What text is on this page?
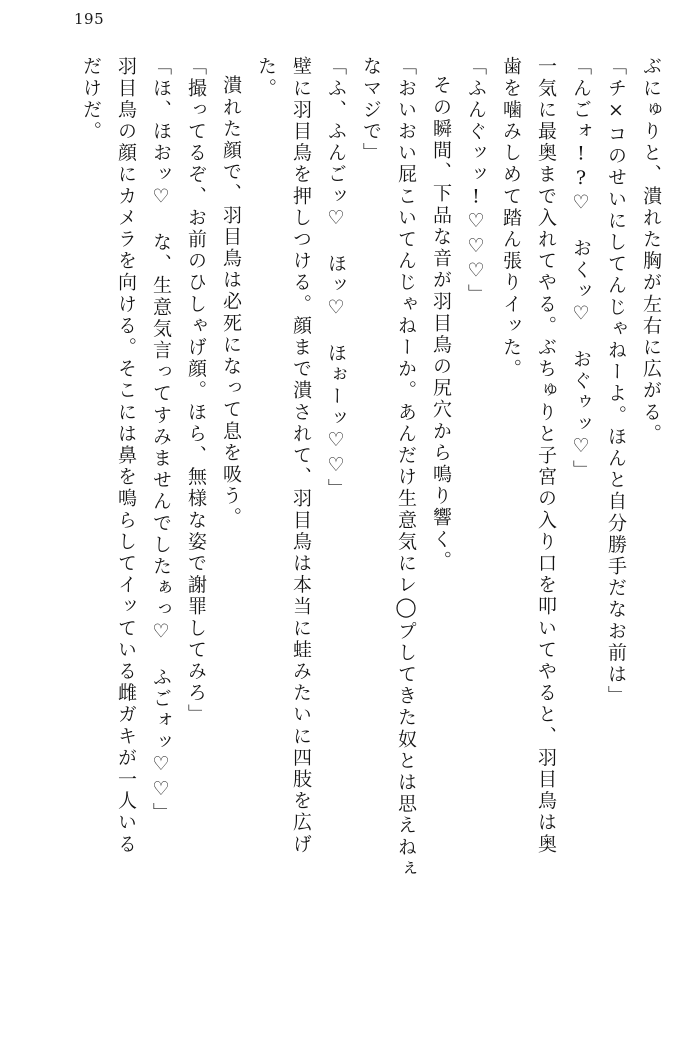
195
ぶにゅりと、潰れた胸が左右に広がる。
「チ×コのせいにしてんじゃねーよ。ほんと自分勝手だなお前は」
「んごォ!?♡　おくッ♡　おぐゥッ♡」
一気に最奥まで入れてやる。ぶちゅりと子宮の入り口を叩いてやると、羽目鳥は奥
歯を噛みしめて踏ん張りイッた。
「ふんぐッッ!♡♡♡」
その瞬間、下品な音が羽目鳥の尻穴から鳴り響く。
「おいおい屁こいてんじゃねーか。あんだけ生意気にレ◯プしてきた奴とは思えねぇ
なマジで」
「ふ、ふんごッ♡　ほッ♡　ほぉーッ♡♡」
壁に羽目鳥を押しつける。顔まで潰されて、羽目鳥は本当に蛙みたいに四肢を広げ
た。
潰れた顔で、羽目鳥は必死になって息を吸う。
「撮ってるぞ、お前のひしゃげ顔。ほら、無様な姿で謝罪してみろ」
「ほ、ほおッ♡　な、生意気言ってすみませんでしたぁっ♡　ふごォッ♡♡」
羽目鳥の顔にカメラを向ける。そこには鼻を鳴らしてイッている雌ガキが一人いる
だけだ。
